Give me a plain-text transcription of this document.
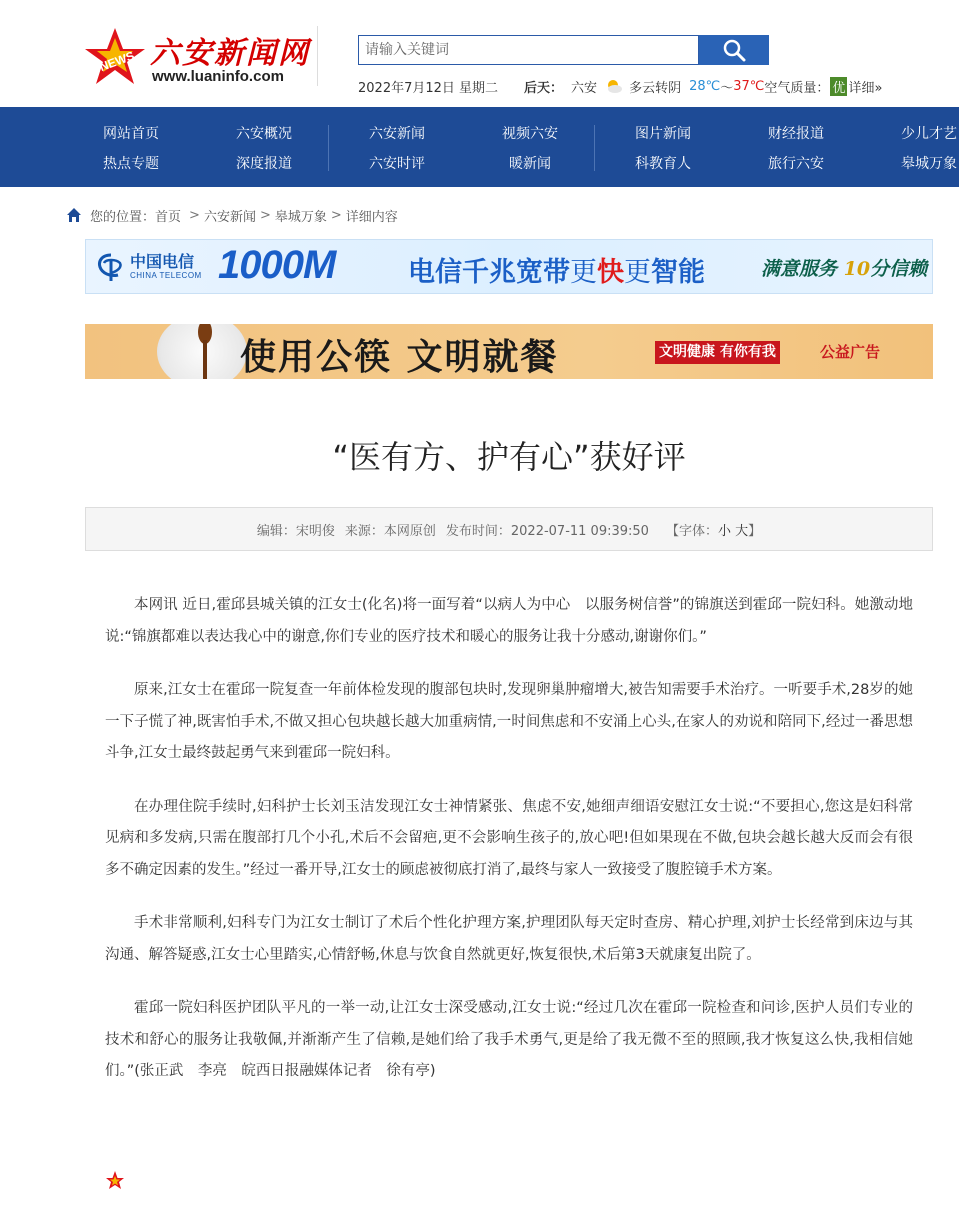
NEWS 六安新闻网
www.luaninfo.com
请输入关键词
2022年7月12日 星期二 后天： 六安 多云转阴 28℃ ～ 37℃ 空气质量： 优 详细»
网站首页	六安概况	六安新闻	视频六安	图片新闻	财经报道	少儿才艺
热点专题	深度报道	六安时评	暖新闻	科教育人	旅行六安	皋城万象
您的位置： 首页 > 六安新闻 > 皋城万象 > 详细内容
中国电信
CHINA TELECOM 1000M	电信千兆宽带更快更智能	满意服务 10分信赖
使用公筷 文明就餐	文明健康 有你有我	公益广告
“医有方、护有心”获好评
编辑：宋明俊 来源：本网原创 发布时间：2022-07-11 09:39:50 【字体：小 大】

本网讯 近日,霍邱县城关镇的江女士(化名)将一面写着“以病人为中心　以服务树信誉”的锦旗送到霍邱一院妇科。她激动地说:“锦旗都难以表达我心中的谢意,你们专业的医疗技术和暖心的服务让我十分感动,谢谢你们。”

原来,江女士在霍邱一院复查一年前体检发现的腹部包块时,发现卵巢肿瘤增大,被告知需要手术治疗。一听要手术,28岁的她一下子慌了神,既害怕手术,不做又担心包块越长越大加重病情,一时间焦虑和不安涌上心头,在家人的劝说和陪同下,经过一番思想斗争,江女士最终鼓起勇气来到霍邱一院妇科。

在办理住院手续时,妇科护士长刘玉洁发现江女士神情紧张、焦虑不安,她细声细语安慰江女士说:“不要担心,您这是妇科常见病和多发病,只需在腹部打几个小孔,术后不会留疤,更不会影响生孩子的,放心吧!但如果现在不做,包块会越长越大反而会有很多不确定因素的发生。”经过一番开导,江女士的顾虑被彻底打消了,最终与家人一致接受了腹腔镜手术方案。

手术非常顺利,妇科专门为江女士制订了术后个性化护理方案,护理团队每天定时查房、精心护理,刘护士长经常到床边与其沟通、解答疑惑,江女士心里踏实,心情舒畅,休息与饮食自然就更好,恢复很快,术后第3天就康复出院了。

霍邱一院妇科医护团队平凡的一举一动,让江女士深受感动,江女士说:“经过几次在霍邱一院检查和问诊,医护人员们专业的技术和舒心的服务让我敬佩,并渐渐产生了信赖,是她们给了我手术勇气,更是给了我无微不至的照顾,我才恢复这么快,我相信她们。”(张正武　李亮　皖西日报融媒体记者　徐有亭)
